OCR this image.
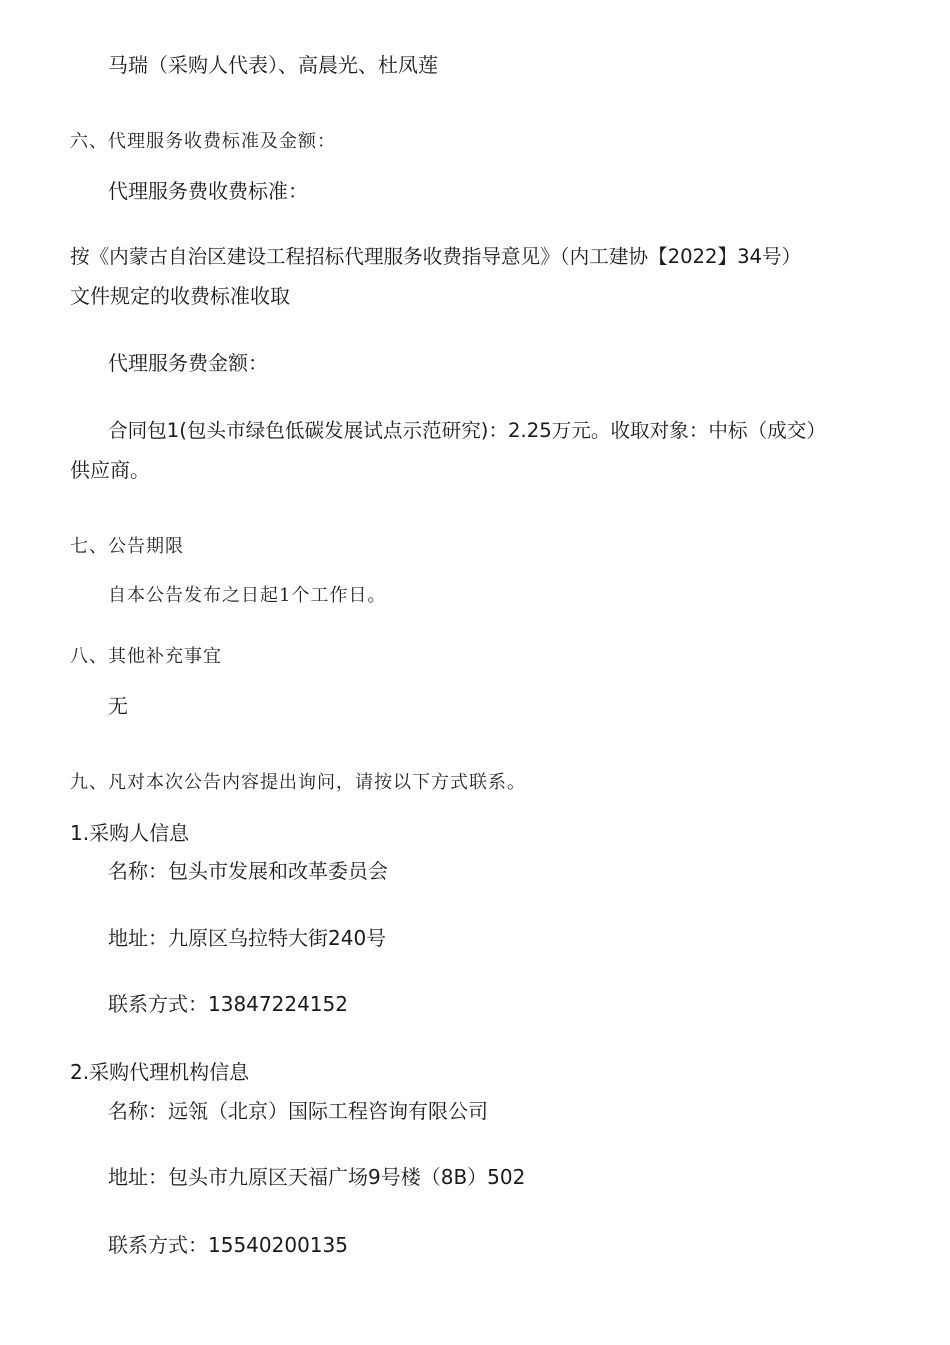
马瑞（采购人代表）、高晨光、杜凤莲
六、代理服务收费标准及金额：
代理服务费收费标准：
按《内蒙古自治区建设工程招标代理服务收费指导意见》（内工建协【2022】34号）
文件规定的收费标准收取
代理服务费金额：
合同包1(包头市绿色低碳发展试点示范研究)：2.25万元。收取对象：中标（成交）
供应商。
七、公告期限
自本公告发布之日起1个工作日。
八、其他补充事宜
无
九、凡对本次公告内容提出询问，请按以下方式联系。
1.采购人信息
名称：包头市发展和改革委员会
地址：九原区乌拉特大街240号
联系方式：13847224152
2.采购代理机构信息
名称：远瓴（北京）国际工程咨询有限公司
地址：包头市九原区天福广场9号楼（8B）502
联系方式：15540200135
